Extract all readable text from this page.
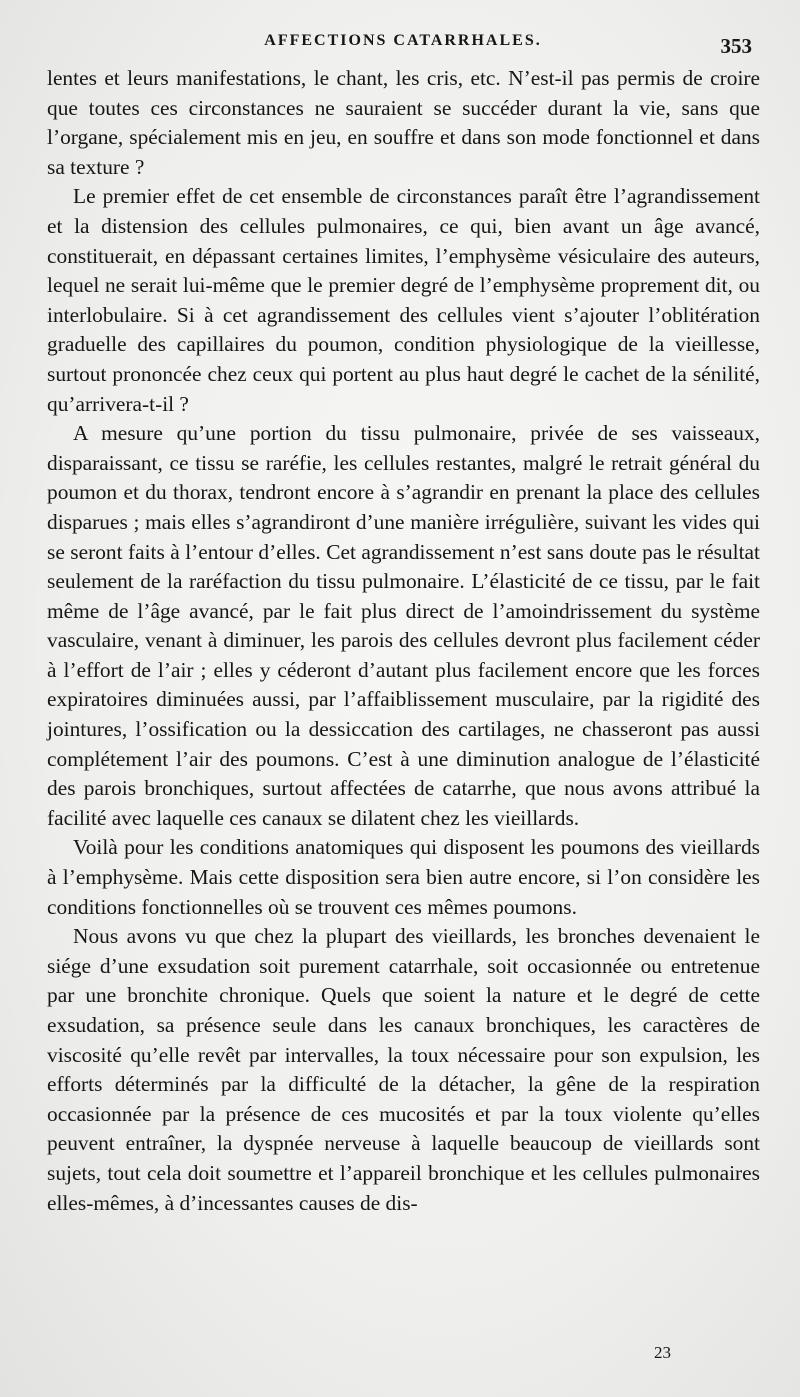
AFFECTIONS CATARRHALES.	353

lentes et leurs manifestations, le chant, les cris, etc. N’est-il pas permis de croire que toutes ces circonstances ne sauraient se succéder durant la vie, sans que l’organe, spécialement mis en jeu, en souffre et dans son mode fonctionnel et dans sa texture ?

Le premier effet de cet ensemble de circonstances paraît être l’agrandissement et la distension des cellules pulmonaires, ce qui, bien avant un âge avancé, constituerait, en dépassant certaines limites, l’emphysème vésiculaire des auteurs, lequel ne serait lui-même que le premier degré de l’emphysème proprement dit, ou interlobulaire. Si à cet agrandissement des cellules vient s’ajouter l’oblitération graduelle des capillaires du poumon, condition physiologique de la vieillesse, surtout prononcée chez ceux qui portent au plus haut degré le cachet de la sénilité, qu’arrivera-t-il ?

A mesure qu’une portion du tissu pulmonaire, privée de ses vaisseaux, disparaissant, ce tissu se raréfie, les cellules restantes, malgré le retrait général du poumon et du thorax, tendront encore à s’agrandir en prenant la place des cellules disparues ; mais elles s’agrandiront d’une manière irrégulière, suivant les vides qui se seront faits à l’entour d’elles. Cet agrandissement n’est sans doute pas le résultat seulement de la raréfaction du tissu pulmonaire. L’élasticité de ce tissu, par le fait même de l’âge avancé, par le fait plus direct de l’amoindrissement du système vasculaire, venant à diminuer, les parois des cellules devront plus facilement céder à l’effort de l’air ; elles y céderont d’autant plus facilement encore que les forces expiratoires diminuées aussi, par l’affaiblissement musculaire, par la rigidité des jointures, l’ossification ou la dessiccation des cartilages, ne chasseront pas aussi complétement l’air des poumons. C’est à une diminution analogue de l’élasticité des parois bronchiques, surtout affectées de catarrhe, que nous avons attribué la facilité avec laquelle ces canaux se dilatent chez les vieillards.

Voilà pour les conditions anatomiques qui disposent les poumons des vieillards à l’emphysème. Mais cette disposition sera bien autre encore, si l’on considère les conditions fonctionnelles où se trouvent ces mêmes poumons.

Nous avons vu que chez la plupart des vieillards, les bronches devenaient le siége d’une exsudation soit purement catarrhale, soit occasionnée ou entretenue par une bronchite chronique. Quels que soient la nature et le degré de cette exsudation, sa présence seule dans les canaux bronchiques, les caractères de viscosité qu’elle revêt par intervalles, la toux nécessaire pour son expulsion, les efforts déterminés par la difficulté de la détacher, la gêne de la respiration occasionnée par la présence de ces mucosités et par la toux violente qu’elles peuvent entraîner, la dyspnée nerveuse à laquelle beaucoup de vieillards sont sujets, tout cela doit soumettre et l’appareil bronchique et les cellules pulmonaires elles-mêmes, à d’incessantes causes de dis-

23
